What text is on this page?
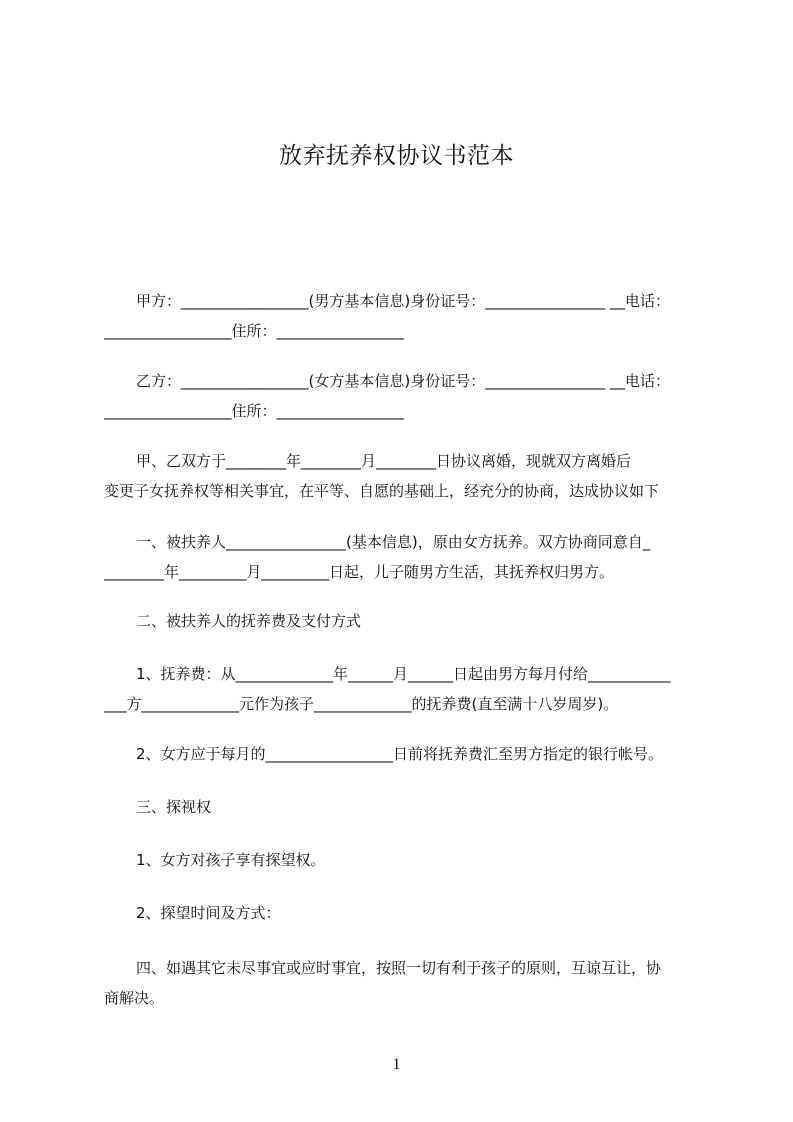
放弃抚养权协议书范本
甲方：_________________(男方基本信息)身份证号：________________ __电话：
_________________住所：_________________
乙方：_________________(女方基本信息)身份证号：________________ __电话：
_________________住所：_________________
甲、乙双方于________年________月________日协议离婚，现就双方离婚后
变更子女抚养权等相关事宜，在平等、自愿的基础上，经充分的协商，达成协议如下
一、被扶养人________________(基本信息)，原由女方抚养。双方协商同意自_
________年_________月_________日起，儿子随男方生活，其抚养权归男方。
二、被扶养人的抚养费及支付方式
1、抚养费：从_____________年______月______日起由男方每月付给___________
___方_____________元作为孩子_____________的抚养费(直至满十八岁周岁)。
2、女方应于每月的_________________日前将抚养费汇至男方指定的银行帐号。
三、探视权
1、女方对孩子享有探望权。
2、探望时间及方式：
四、如遇其它未尽事宜或应时事宜，按照一切有利于孩子的原则，互谅互让，协
商解决。
1
